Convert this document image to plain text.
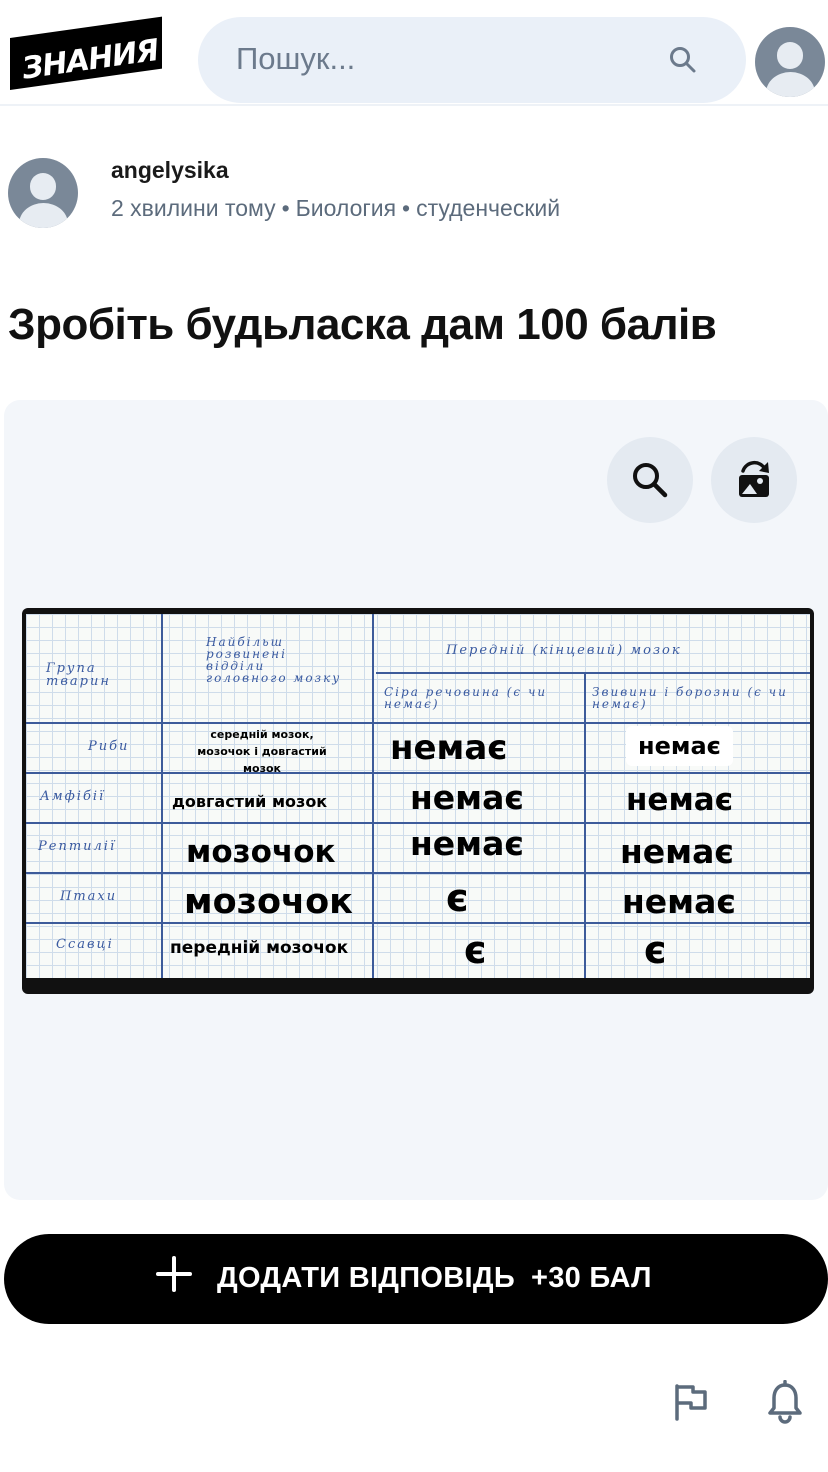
ЗНАНИЯ Пошук...
angelysika
2 хвилини тому • Биология • студенческий
Зробіть будьласка дам 100 балів
Група тварин
Найбільш розвинені відділи головного мозку
Передній (кінцевий) мозок
Сіра речовина (є чи немає)
Звивини і борозни (є чи немає)
Риби
Амфібії
Рептилії
Птахи
Ссавці
середній мозок, мозочок і довгастий мозок
довгастий мозок
мозочок
мозочок
передній мозочок
немає
немає
немає
є
є
немає
немає
немає
немає
є
ДОДАТИ ВІДПОВІДЬ +30 БАЛ
